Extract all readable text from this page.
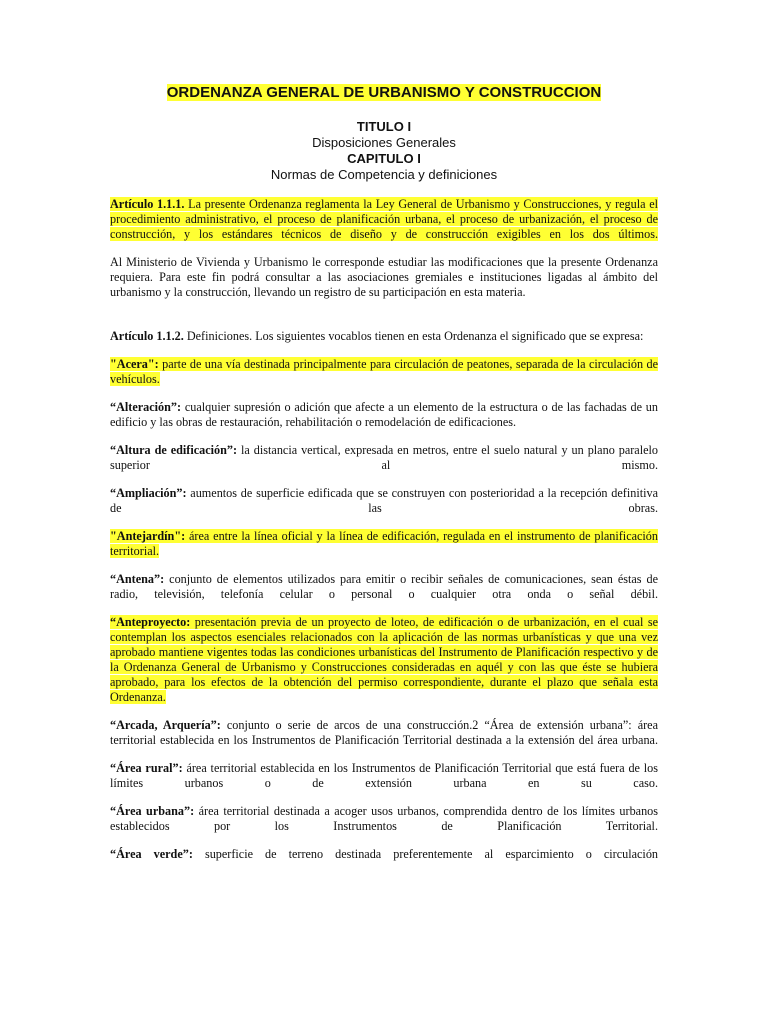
ORDENANZA GENERAL DE URBANISMO Y CONSTRUCCION
TITULO I
Disposiciones Generales
CAPITULO I
Normas de Competencia y definiciones

Artículo 1.1.1. La presente Ordenanza reglamenta la Ley General de Urbanismo y Construcciones, y regula el procedimiento administrativo, el proceso de planificación urbana, el proceso de urbanización, el proceso de construcción, y los estándares técnicos de diseño y de construcción exigibles en los dos últimos.

Al Ministerio de Vivienda y Urbanismo le corresponde estudiar las modificaciones que la presente Ordenanza requiera. Para este fin podrá consultar a las asociaciones gremiales e instituciones ligadas al ámbito del urbanismo y la construcción, llevando un registro de su participación en esta materia.

Artículo 1.1.2. Definiciones. Los siguientes vocablos tienen en esta Ordenanza el significado que se expresa:

"Acera": parte de una vía destinada principalmente para circulación de peatones, separada de la circulación de vehículos.

“Alteración”: cualquier supresión o adición que afecte a un elemento de la estructura o de las fachadas de un edificio y las obras de restauración, rehabilitación o remodelación de edificaciones.

“Altura de edificación”: la distancia vertical, expresada en metros, entre el suelo natural y un plano paralelo superior al mismo.

“Ampliación”: aumentos de superficie edificada que se construyen con posterioridad a la recepción definitiva de las obras.

"Antejardín": área entre la línea oficial y la línea de edificación, regulada en el instrumento de planificación territorial.

“Antena”: conjunto de elementos utilizados para emitir o recibir señales de comunicaciones, sean éstas de radio, televisión, telefonía celular o personal o cualquier otra onda o señal débil.

“Anteproyecto: presentación previa de un proyecto de loteo, de edificación o de urbanización, en el cual se contemplan los aspectos esenciales relacionados con la aplicación de las normas urbanísticas y que una vez aprobado mantiene vigentes todas las condiciones urbanísticas del Instrumento de Planificación respectivo y de la Ordenanza General de Urbanismo y Construcciones consideradas en aquél y con las que éste se hubiera aprobado, para los efectos de la obtención del permiso correspondiente, durante el plazo que señala esta Ordenanza.

“Arcada, Arquería”: conjunto o serie de arcos de una construcción.2 “Área de extensión urbana”: área territorial establecida en los Instrumentos de Planificación Territorial destinada a la extensión del área urbana.

“Área rural”: área territorial establecida en los Instrumentos de Planificación Territorial que está fuera de los límites urbanos o de extensión urbana en su caso.

“Área urbana”: área territorial destinada a acoger usos urbanos, comprendida dentro de los límites urbanos establecidos por los Instrumentos de Planificación Territorial.

“Área verde”: superficie de terreno destinada preferentemente al esparcimiento o circulación
